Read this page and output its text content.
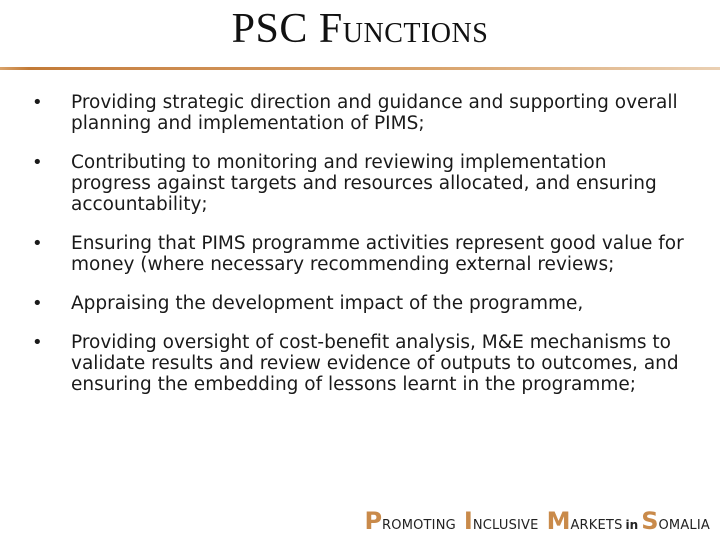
PSC FUNCTIONS
•	Providing strategic direction and guidance and supporting overall planning and implementation of PIMS;
•	Contributing to monitoring and reviewing implementation progress against targets and resources allocated, and ensuring accountability;
•	Ensuring that PIMS programme activities represent good value for money (where necessary recommending external reviews;
•	Appraising the development impact of the programme,
•	Providing oversight of cost-benefit analysis, M&E mechanisms to validate results and review evidence of outputs to outcomes, and ensuring the embedding of lessons learnt in the programme;
PROMOTING INCLUSIVE MARKETS in SOMALIA
